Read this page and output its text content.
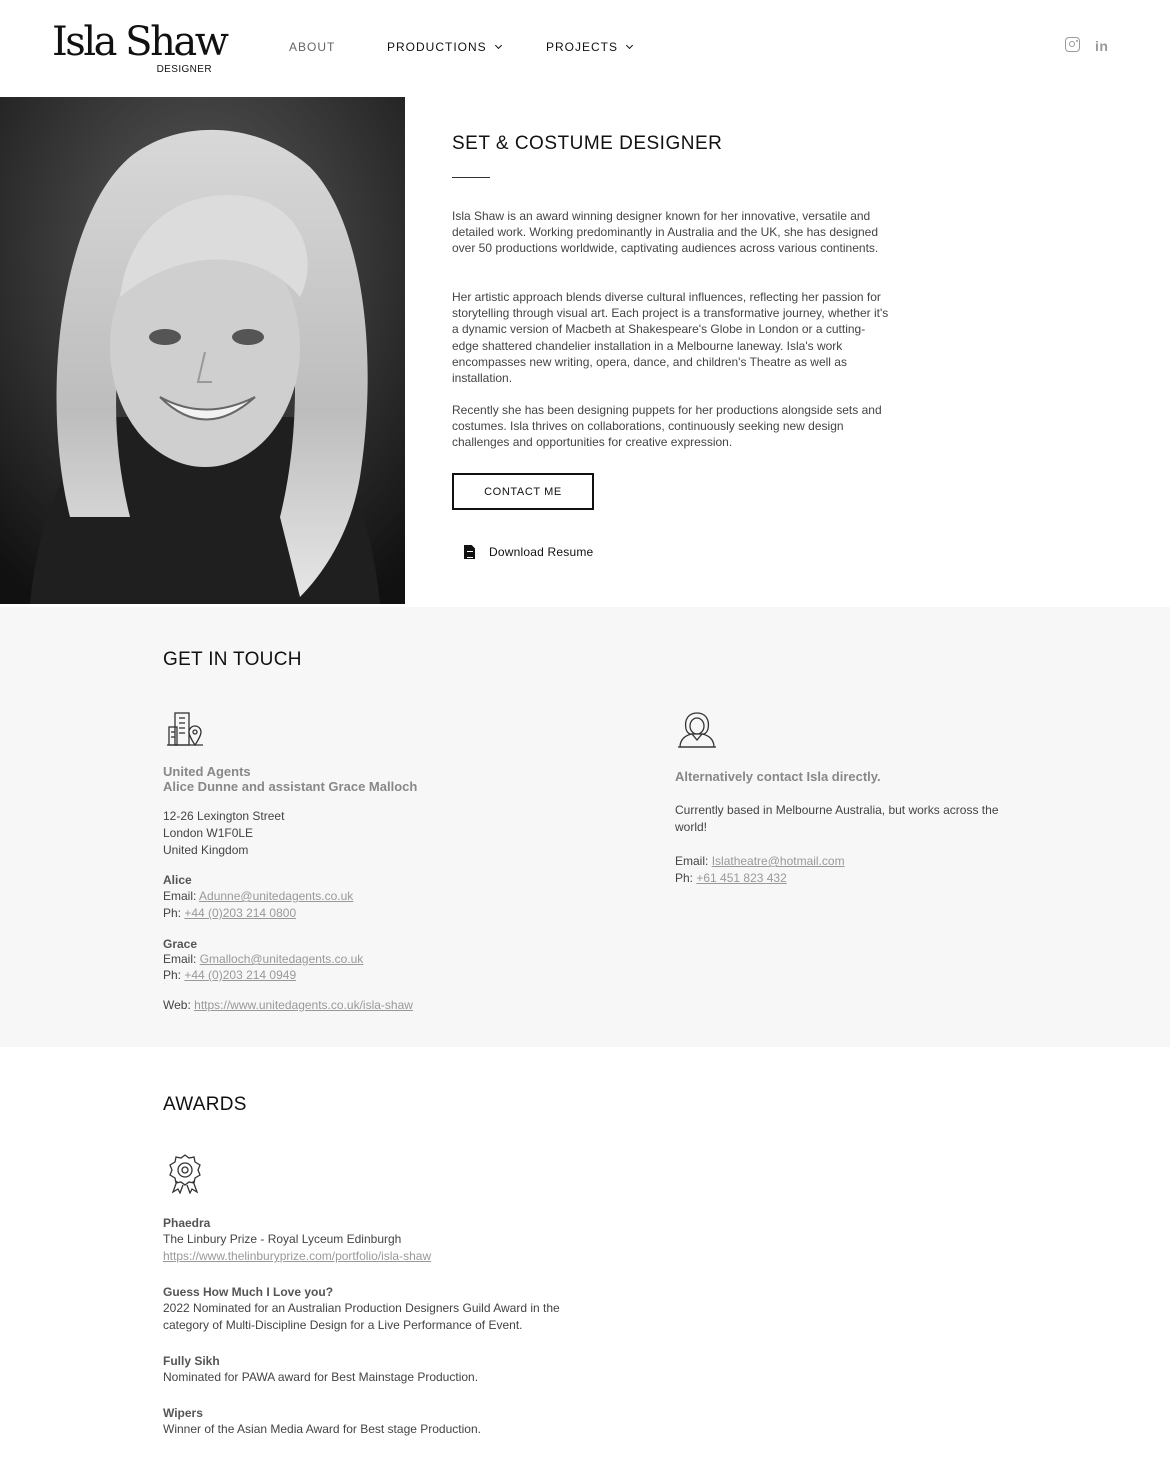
Isla Shaw
DESIGNER
ABOUT	PRODUCTIONS	PROJECTS	in
SET & COSTUME DESIGNER

Isla Shaw is an award winning designer known for her innovative, versatile and detailed work. Working predominantly in Australia and the UK, she has designed over 50 productions worldwide, captivating audiences across various continents.

Her artistic approach blends diverse cultural influences, reflecting her passion for storytelling through visual art. Each project is a transformative journey, whether it's a dynamic version of Macbeth at Shakespeare's Globe in London or a cutting-edge shattered chandelier installation in a Melbourne laneway. Isla's work encompasses new writing, opera, dance, and children's Theatre as well as installation.

Recently she has been designing puppets for her productions alongside sets and costumes. Isla thrives on collaborations, continuously seeking new design challenges and opportunities for creative expression.

CONTACT ME
Download Resume
GET IN TOUCH
United Agents
Alice Dunne and assistant Grace Malloch
12-26 Lexington Street
London W1F0LE
United Kingdom
Alice
Email: Adunne@unitedagents.co.uk
Ph: +44 (0)203 214 0800
Grace
Email: Gmalloch@unitedagents.co.uk
Ph: +44 (0)203 214 0949
Web: https://www.unitedagents.co.uk/isla-shaw
Alternatively contact Isla directly.
Currently based in Melbourne Australia, but works across the world!
Email: Islatheatre@hotmail.com
Ph: +61 451 823 432
AWARDS
Phaedra
The Linbury Prize - Royal Lyceum Edinburgh
https://www.thelinburyprize.com/portfolio/isla-shaw
Guess How Much I Love you?
2022 Nominated for an Australian Production Designers Guild Award in the
category of Multi-Discipline Design for a Live Performance of Event.
Fully Sikh
Nominated for PAWA award for Best Mainstage Production.
Wipers
Winner of the Asian Media Award for Best stage Production.
